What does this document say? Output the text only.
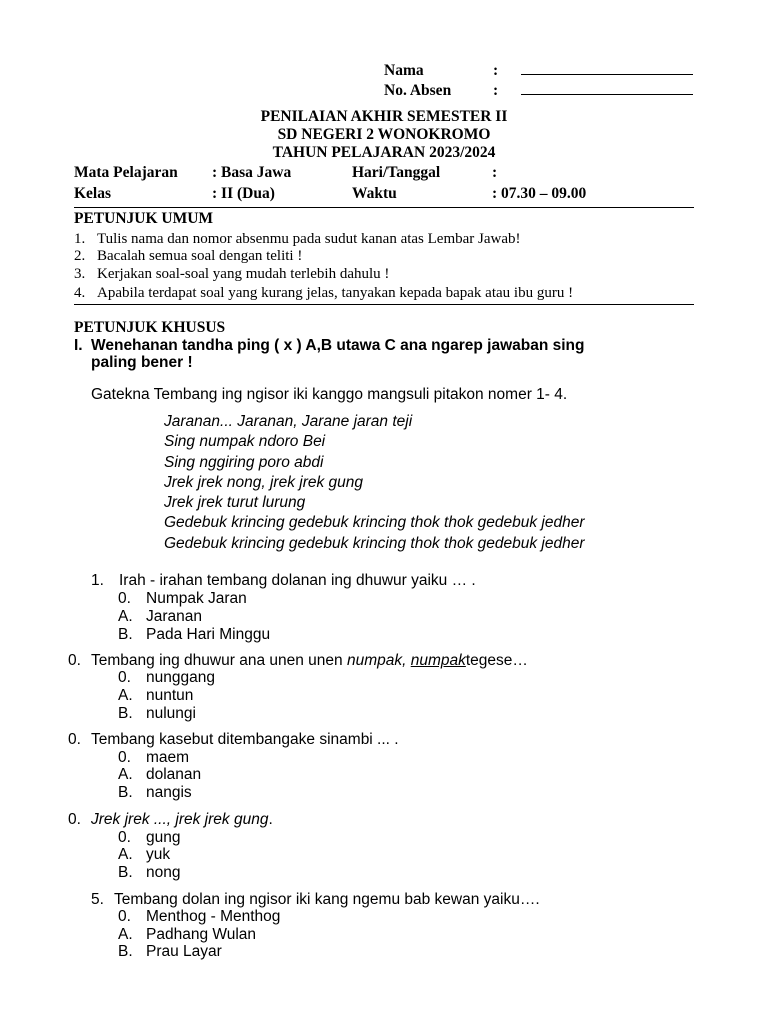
Nama	:
No. Absen	:
PENILAIAN AKHIR SEMESTER II
SD NEGERI 2 WONOKROMO
TAHUN PELAJARAN 2023/2024
Mata Pelajaran : Basa Jawa	Hari/Tanggal	:
Kelas	: II (Dua)	Waktu	: 07.30 – 09.00
PETUNJUK UMUM
1. Tulis nama dan nomor absenmu pada sudut kanan atas Lembar Jawab!
2. Bacalah semua soal dengan teliti !
3. Kerjakan soal-soal yang mudah terlebih dahulu !
4. Apabila terdapat soal yang kurang jelas, tanyakan kepada bapak atau ibu guru !
PETUNJUK KHUSUS
I. Wenehanan tandha ping ( x ) A,B utawa C ana ngarep jawaban sing
paling bener !
Gatekna Tembang ing ngisor iki kanggo mangsuli pitakon nomer 1- 4.
Jaranan... Jaranan, Jarane jaran teji
Sing numpak ndoro Bei
Sing nggiring poro abdi
Jrek jrek nong, jrek jrek gung
Jrek jrek turut lurung
Gedebuk krincing gedebuk krincing thok thok gedebuk jedher
Gedebuk krincing gedebuk krincing thok thok gedebuk jedher
1. Irah - irahan tembang dolanan ing dhuwur yaiku … .
0. Numpak Jaran
A. Jaranan
B. Pada Hari Minggu
0. Tembang ing dhuwur ana unen unen numpak, numpaktegese…
0. nunggang
A. nuntun
B. nulungi
0. Tembang kasebut ditembangake sinambi ... .
0. maem
A. dolanan
B. nangis
0. Jrek jrek ..., jrek jrek gung.
0. gung
A. yuk
B. nong
5. Tembang dolan ing ngisor iki kang ngemu bab kewan yaiku….
0. Menthog - Menthog
A. Padhang Wulan
B. Prau Layar
